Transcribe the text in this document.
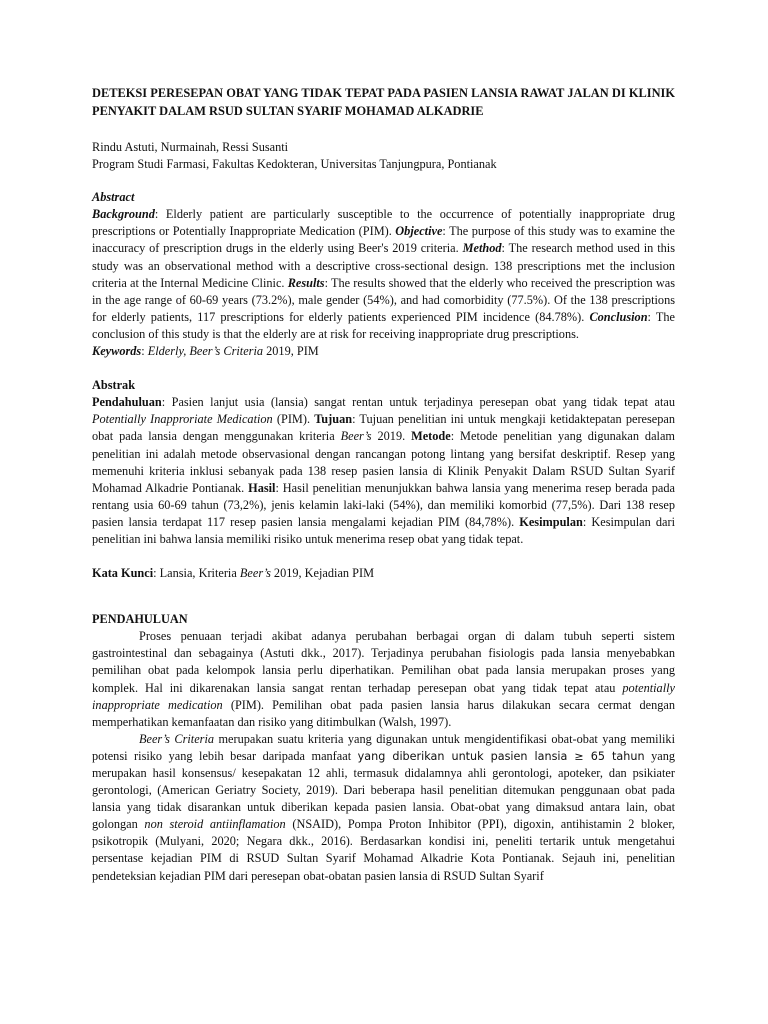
DETEKSI PERESEPAN OBAT YANG TIDAK TEPAT PADA PASIEN LANSIA RAWAT JALAN DI KLINIK PENYAKIT DALAM RSUD SULTAN SYARIF MOHAMAD ALKADRIE

Rindu Astuti, Nurmainah, Ressi Susanti
Program Studi Farmasi, Fakultas Kedokteran, Universitas Tanjungpura, Pontianak
Abstract

Background: Elderly patient are particularly susceptible to the occurrence of potentially inappropriate drug prescriptions or Potentially Inappropriate Medication (PIM). Objective: The purpose of this study was to examine the inaccuracy of prescription drugs in the elderly using Beer's 2019 criteria. Method: The research method used in this study was an observational method with a descriptive cross-sectional design. 138 prescriptions met the inclusion criteria at the Internal Medicine Clinic. Results: The results showed that the elderly who received the prescription was in the age range of 60-69 years (73.2%), male gender (54%), and had comorbidity (77.5%). Of the 138 prescriptions for elderly patients, 117 prescriptions for elderly patients experienced PIM incidence (84.78%). Conclusion: The conclusion of this study is that the elderly are at risk for receiving inappropriate drug prescriptions.

Keywords: Elderly, Beer’s Criteria 2019, PIM

Abstrak

Pendahuluan: Pasien lanjut usia (lansia) sangat rentan untuk terjadinya peresepan obat yang tidak tepat atau Potentially Inapproriate Medication (PIM). Tujuan: Tujuan penelitian ini untuk mengkaji ketidaktepatan peresepan obat pada lansia dengan menggunakan kriteria Beer’s 2019. Metode: Metode penelitian yang digunakan dalam penelitian ini adalah metode observasional dengan rancangan potong lintang yang bersifat deskriptif. Resep yang memenuhi kriteria inklusi sebanyak pada 138 resep pasien lansia di Klinik Penyakit Dalam RSUD Sultan Syarif Mohamad Alkadrie Pontianak. Hasil: Hasil penelitian menunjukkan bahwa lansia yang menerima resep berada pada rentang usia 60-69 tahun (73,2%), jenis kelamin laki-laki (54%), dan memiliki komorbid (77,5%). Dari 138 resep pasien lansia terdapat 117 resep pasien lansia mengalami kejadian PIM (84,78%). Kesimpulan: Kesimpulan dari penelitian ini bahwa lansia memiliki risiko untuk menerima resep obat yang tidak tepat.

Kata Kunci: Lansia, Kriteria Beer’s 2019, Kejadian PIM

PENDAHULUAN

Proses penuaan terjadi akibat adanya perubahan berbagai organ di dalam tubuh seperti sistem gastrointestinal dan sebagainya (Astuti dkk., 2017). Terjadinya perubahan fisiologis pada lansia menyebabkan pemilihan obat pada kelompok lansia perlu diperhatikan. Pemilihan obat pada lansia merupakan proses yang komplek. Hal ini dikarenakan lansia sangat rentan terhadap peresepan obat yang tidak tepat atau potentially inappropriate medication (PIM). Pemilihan obat pada pasien lansia harus dilakukan secara cermat dengan memperhatikan kemanfaatan dan risiko yang ditimbulkan (Walsh, 1997).

Beer’s Criteria merupakan suatu kriteria yang digunakan untuk mengidentifikasi obat-obat yang memiliki potensi risiko yang lebih besar daripada manfaat yang diberikan untuk pasien lansia ≥ 65 tahun yang merupakan hasil konsensus/ kesepakatan 12 ahli, termasuk didalamnya ahli gerontologi, apoteker, dan psikiater gerontologi, (American Geriatry Society, 2019). Dari beberapa hasil penelitian ditemukan penggunaan obat pada lansia yang tidak disarankan untuk diberikan kepada pasien lansia. Obat-obat yang dimaksud antara lain, obat golongan non steroid antiinflamation (NSAID), Pompa Proton Inhibitor (PPI), digoxin, antihistamin 2 bloker, psikotropik (Mulyani, 2020; Negara dkk., 2016). Berdasarkan kondisi ini, peneliti tertarik untuk mengetahui persentase kejadian PIM di RSUD Sultan Syarif Mohamad Alkadrie Kota Pontianak. Sejauh ini, penelitian pendeteksian kejadian PIM dari peresepan obat-obatan pasien lansia di RSUD Sultan Syarif
